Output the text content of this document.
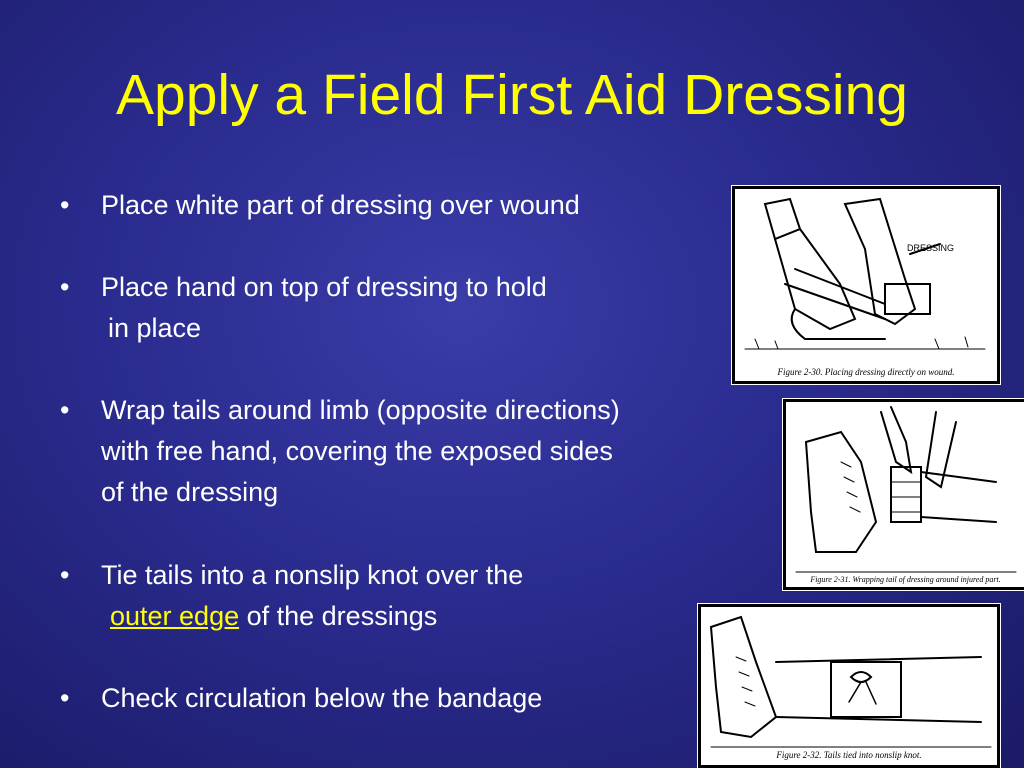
Apply a Field First Aid Dressing
• Place white part of dressing over wound
• Place hand on top of dressing to hold
in place
• Wrap tails around limb (opposite directions)
with free hand, covering the exposed sides
of the dressing
• Tie tails into a nonslip knot over the
outer edge of the dressings
• Check circulation below the bandage
DRESSING
Figure 2-30. Placing dressing directly on wound.
Figure 2-31. Wrapping tail of dressing around injured part.
Figure 2-32. Tails tied into nonslip knot.
